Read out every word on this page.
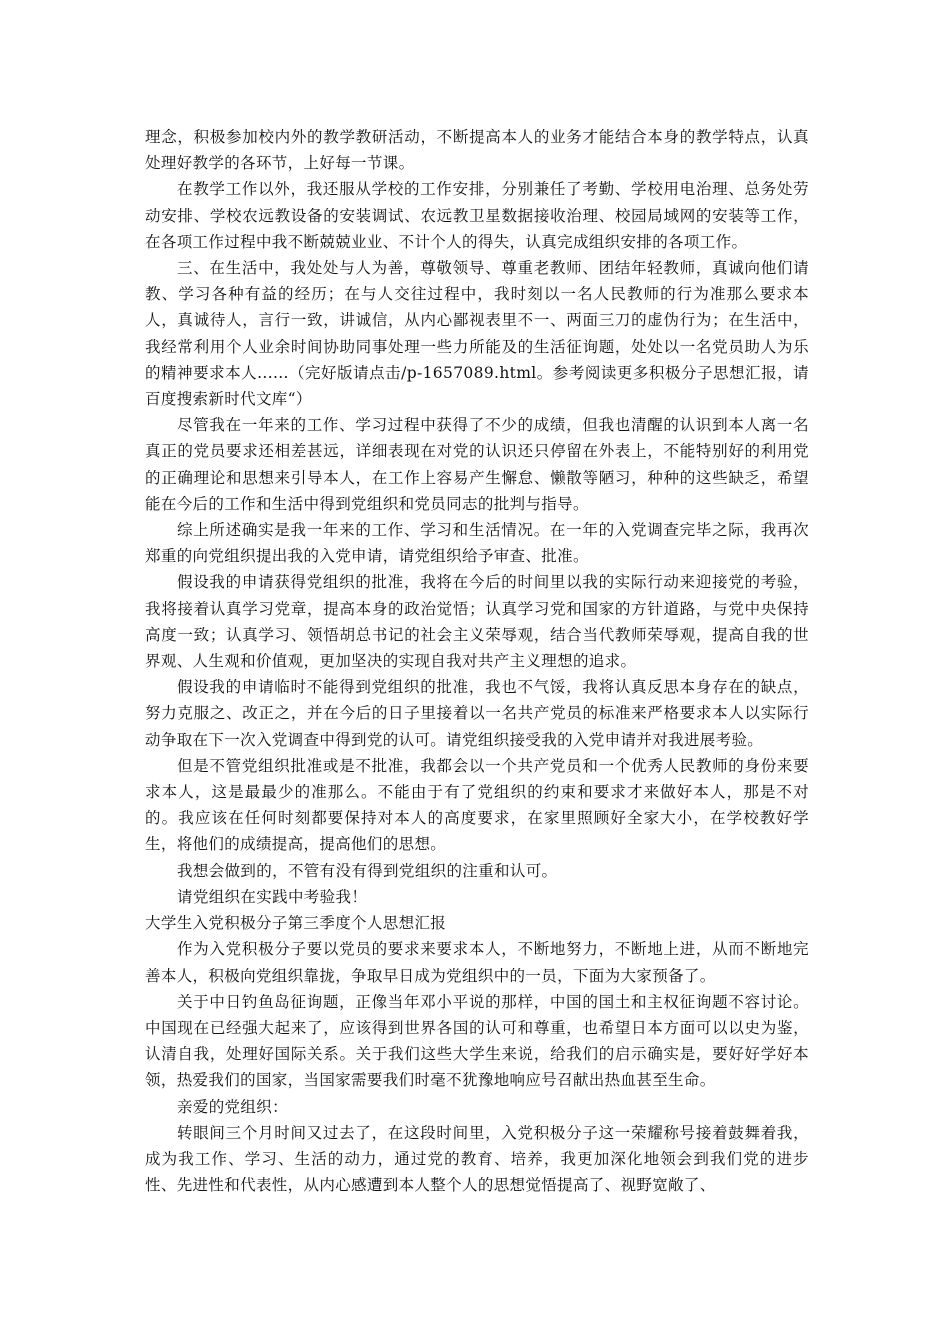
理念，积极参加校内外的教学教研活动，不断提高本人的业务才能结合本身的教学特点，认真处理好教学的各环节，上好每一节课。

在教学工作以外，我还服从学校的工作安排，分别兼任了考勤、学校用电治理、总务处劳动安排、学校农远教设备的安装调试、农远教卫星数据接收治理、校园局域网的安装等工作，在各项工作过程中我不断兢兢业业、不计个人的得失，认真完成组织安排的各项工作。

三、在生活中，我处处与人为善，尊敬领导、尊重老教师、团结年轻教师，真诚向他们请教、学习各种有益的经历；在与人交往过程中，我时刻以一名人民教师的行为准那么要求本人，真诚待人，言行一致，讲诚信，从内心鄙视表里不一、两面三刀的虚伪行为；在生活中，我经常利用个人业余时间协助同事处理一些力所能及的生活征询题，处处以一名党员助人为乐的精神要求本人......（完好版请点击/p-1657089.html。参考阅读更多积极分子思想汇报，请百度搜索新时代文库“）

尽管我在一年来的工作、学习过程中获得了不少的成绩，但我也清醒的认识到本人离一名真正的党员要求还相差甚远，详细表现在对党的认识还只停留在外表上，不能特别好的利用党的正确理论和思想来引导本人，在工作上容易产生懈怠、懒散等陋习，种种的这些缺乏，希望能在今后的工作和生活中得到党组织和党员同志的批判与指导。

综上所述确实是我一年来的工作、学习和生活情况。在一年的入党调查完毕之际，我再次郑重的向党组织提出我的入党申请，请党组织给予审查、批准。

假设我的申请获得党组织的批准，我将在今后的时间里以我的实际行动来迎接党的考验，我将接着认真学习党章，提高本身的政治觉悟；认真学习党和国家的方针道路，与党中央保持高度一致；认真学习、领悟胡总书记的社会主义荣辱观，结合当代教师荣辱观，提高自我的世界观、人生观和价值观，更加坚决的实现自我对共产主义理想的追求。

假设我的申请临时不能得到党组织的批准，我也不气馁，我将认真反思本身存在的缺点，努力克服之、改正之，并在今后的日子里接着以一名共产党员的标准来严格要求本人以实际行动争取在下一次入党调查中得到党的认可。请党组织接受我的入党申请并对我进展考验。

但是不管党组织批准或是不批准，我都会以一个共产党员和一个优秀人民教师的身份来要求本人，这是最最少的准那么。不能由于有了党组织的约束和要求才来做好本人，那是不对的。我应该在任何时刻都要保持对本人的高度要求，在家里照顾好全家大小，在学校教好学生，将他们的成绩提高，提高他们的思想。

我想会做到的，不管有没有得到党组织的注重和认可。

请党组织在实践中考验我！

大学生入党积极分子第三季度个人思想汇报

作为入党积极分子要以党员的要求来要求本人，不断地努力，不断地上进，从而不断地完善本人，积极向党组织靠拢，争取早日成为党组织中的一员，下面为大家预备了。

关于中日钓鱼岛征询题，正像当年邓小平说的那样，中国的国土和主权征询题不容讨论。中国现在已经强大起来了，应该得到世界各国的认可和尊重，也希望日本方面可以以史为鉴，认清自我，处理好国际关系。关于我们这些大学生来说，给我们的启示确实是，要好好学好本领，热爱我们的国家，当国家需要我们时毫不犹豫地响应号召献出热血甚至生命。

亲爱的党组织：

转眼间三个月时间又过去了，在这段时间里，入党积极分子这一荣耀称号接着鼓舞着我，成为我工作、学习、生活的动力，通过党的教育、培养，我更加深化地领会到我们党的进步性、先进性和代表性，从内心感遭到本人整个人的思想觉悟提高了、视野宽敞了、
